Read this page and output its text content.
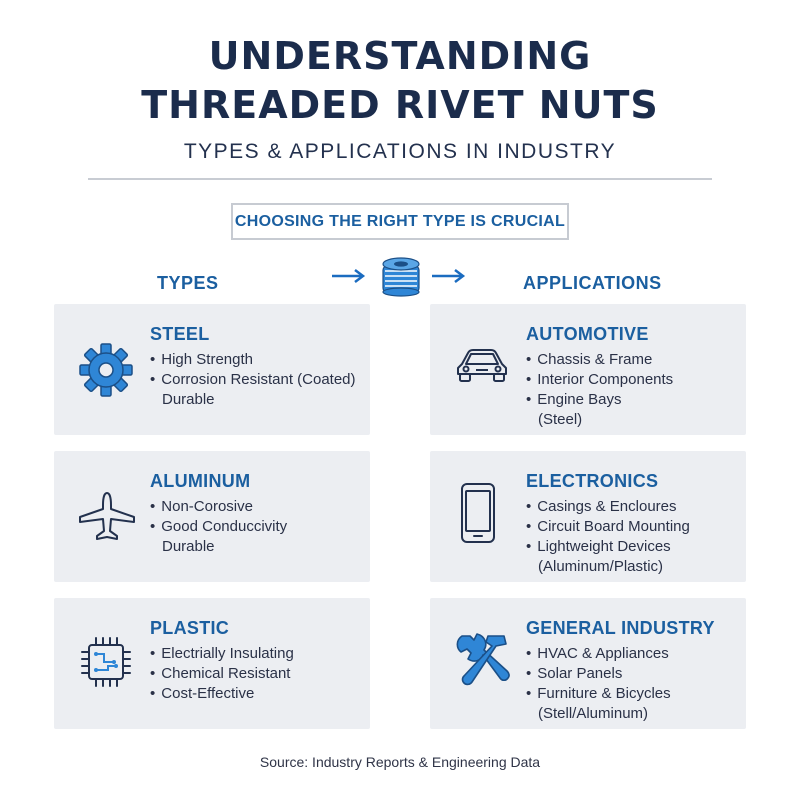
UNDERSTANDING
THREADED RIVET NUTS
TYPES & APPLICATIONS IN INDUSTRY
CHOOSING THE RIGHT TYPE IS CRUCIAL
TYPES	APPLICATIONS
STEEL
• High Strength
• Corrosion Resistant (Coated)
Durable
ALUMINUM
• Non-Corosive
• Good Conduccivity
Durable
PLASTIC
• Electrially Insulating
• Chemical Resistant
• Cost-Effective
AUTOMOTIVE
• Chassis & Frame
• Interior Components
• Engine Bays
(Steel)
ELECTRONICS
• Casings & Encloures
• Circuit Board Mounting
• Lightweight Devices
(Aluminum/Plastic)
GENERAL INDUSTRY
• HVAC & Appliances
• Solar Panels
• Furniture & Bicycles
(Stell/Aluminum)
Source: Industry Reports & Engineering Data
